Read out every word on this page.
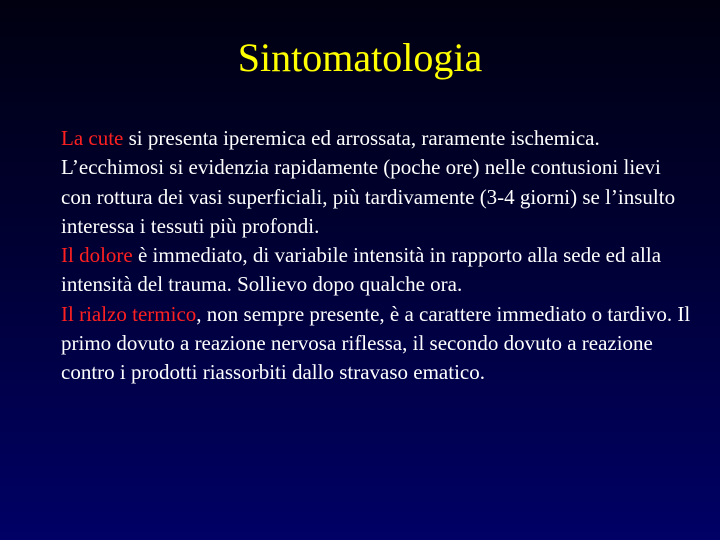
Sintomatologia
La cute si presenta iperemica ed arrossata, raramente ischemica. L’ecchimosi si evidenzia rapidamente (poche ore) nelle contusioni lievi con rottura dei vasi superficiali, più tardivamente (3-4 giorni) se l’insulto interessa i tessuti più profondi.
Il dolore è immediato, di variabile intensità in rapporto alla sede ed alla intensità del trauma. Sollievo dopo qualche ora.
Il rialzo termico, non sempre presente, è a carattere immediato o tardivo. Il primo dovuto a reazione nervosa riflessa, il secondo dovuto a reazione contro i prodotti riassorbiti dallo stravaso ematico.
